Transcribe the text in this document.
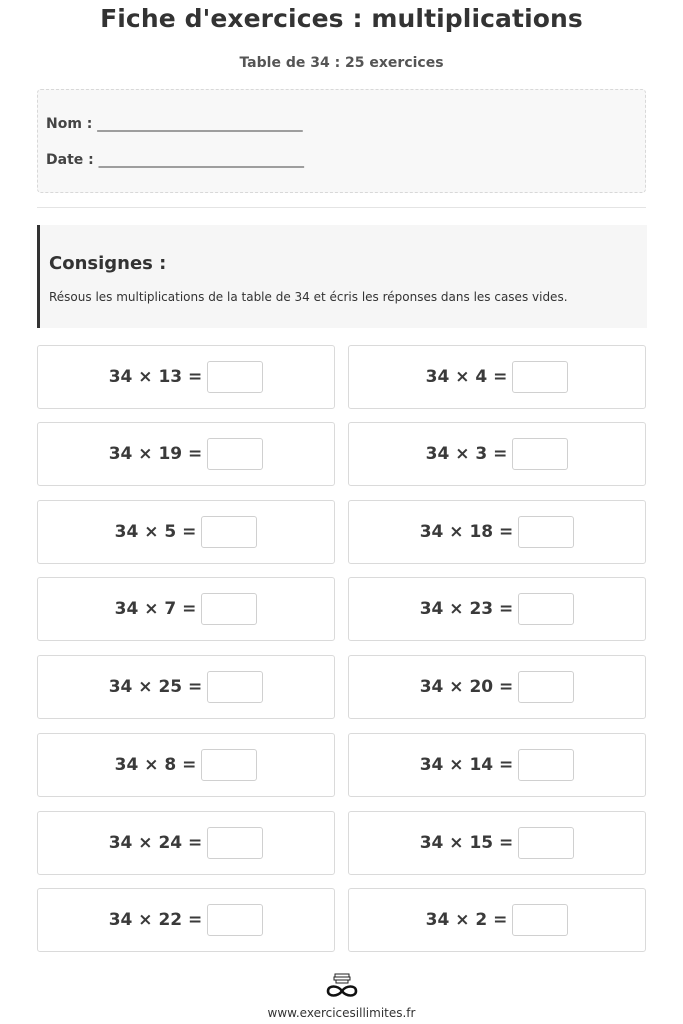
Fiche d'exercices : multiplications
Table de 34 : 25 exercices
Nom : ________________________________
Date : ________________________________
Consignes :
Résous les multiplications de la table de 34 et écris les réponses dans les cases vides.
34 × 13 =	34 × 4 =
34 × 19 =	34 × 3 =
34 × 5 =	34 × 18 =
34 × 7 =	34 × 23 =
34 × 25 =	34 × 20 =
34 × 8 =	34 × 14 =
34 × 24 =	34 × 15 =
34 × 22 =	34 × 2 =
www.exercicesillimites.fr
